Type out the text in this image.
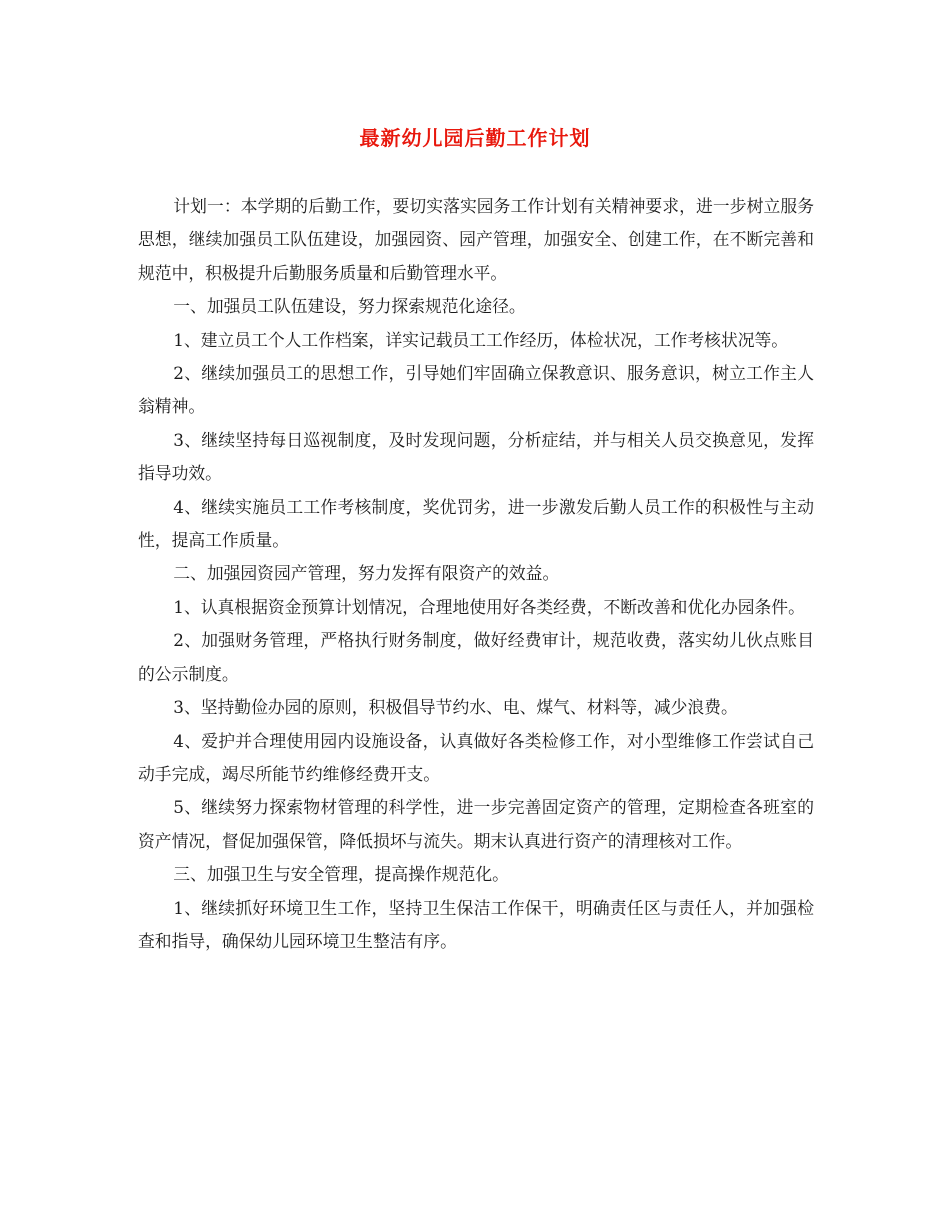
最新幼儿园后勤工作计划

计划一：本学期的后勤工作，要切实落实园务工作计划有关精神要求，进一步树立服务思想，继续加强员工队伍建设，加强园资、园产管理，加强安全、创建工作，在不断完善和规范中，积极提升后勤服务质量和后勤管理水平。

一、加强员工队伍建设，努力探索规范化途径。

1、建立员工个人工作档案，详实记载员工工作经历，体检状况，工作考核状况等。

2、继续加强员工的思想工作，引导她们牢固确立保教意识、服务意识，树立工作主人翁精神。

3、继续坚持每日巡视制度，及时发现问题，分析症结，并与相关人员交换意见，发挥指导功效。

4、继续实施员工工作考核制度，奖优罚劣，进一步激发后勤人员工作的积极性与主动性，提高工作质量。

二、加强园资园产管理，努力发挥有限资产的效益。

1、认真根据资金预算计划情况，合理地使用好各类经费，不断改善和优化办园条件。

2、加强财务管理，严格执行财务制度，做好经费审计，规范收费，落实幼儿伙点账目的公示制度。

3、坚持勤俭办园的原则，积极倡导节约水、电、煤气、材料等，减少浪费。

4、爱护并合理使用园内设施设备，认真做好各类检修工作，对小型维修工作尝试自己动手完成，竭尽所能节约维修经费开支。

5、继续努力探索物材管理的科学性，进一步完善固定资产的管理，定期检查各班室的资产情况，督促加强保管，降低损坏与流失。期末认真进行资产的清理核对工作。

三、加强卫生与安全管理，提高操作规范化。

1、继续抓好环境卫生工作，坚持卫生保洁工作保干，明确责任区与责任人，并加强检查和指导，确保幼儿园环境卫生整洁有序。
